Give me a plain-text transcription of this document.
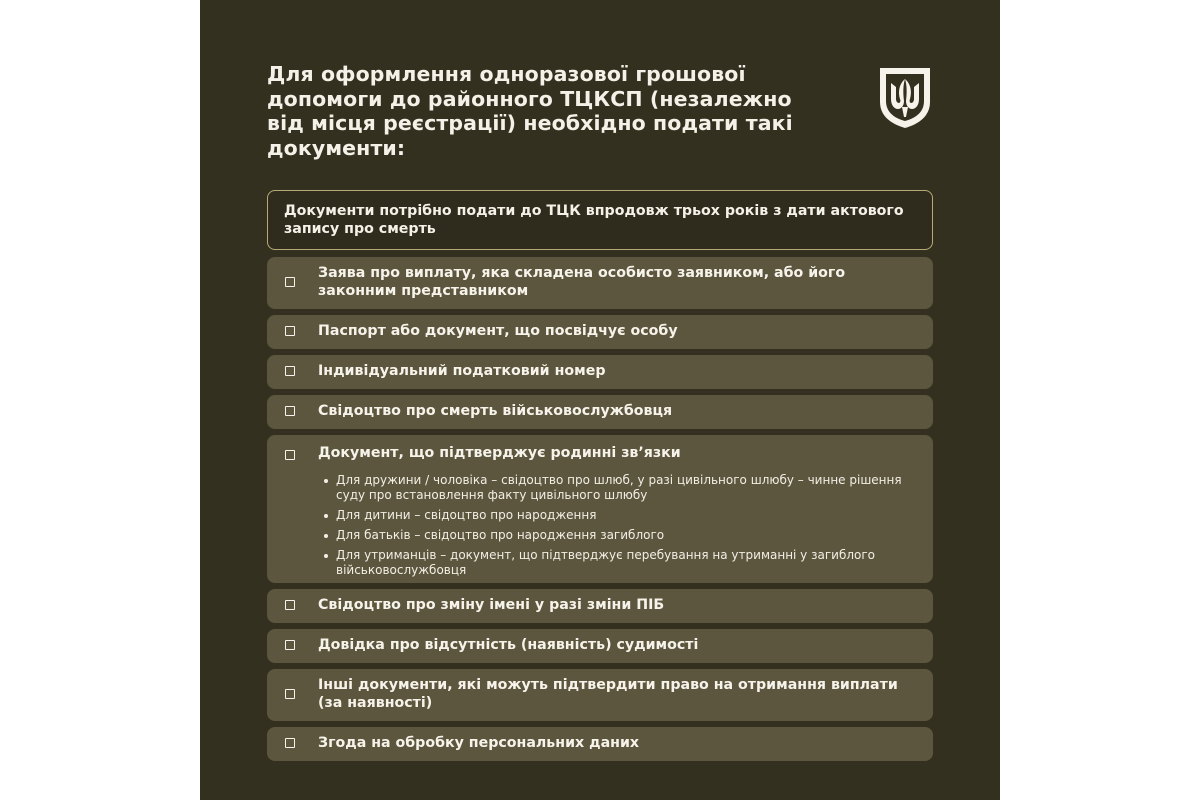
Для оформлення одноразової грошової допомоги до районного ТЦКСП (незалежно від місця реєстрації) необхідно подати такі документи:
Документи потрібно подати до ТЦК впродовж трьох років з дати актового запису про смерть
Заява про виплату, яка складена особисто заявником, або його законним представником
Паспорт або документ, що посвідчує особу
Індивідуальний податковий номер
Свідоцтво про смерть військовослужбовця
Документ, що підтверджує родинні зв’язки
Для дружини / чоловіка – свідоцтво про шлюб, у разі цивільного шлюбу – чинне рішення суду про встановлення факту цивільного шлюбу
Для дитини – свідоцтво про народження
Для батьків – свідоцтво про народження загиблого
Для утриманців – документ, що підтверджує перебування на утриманні у загиблого військовослужбовця
Свідоцтво про зміну імені у разі зміни ПІБ
Довідка про відсутність (наявність) судимості
Інші документи, які можуть підтвердити право на отримання виплати (за наявності)
Згода на обробку персональних даних
